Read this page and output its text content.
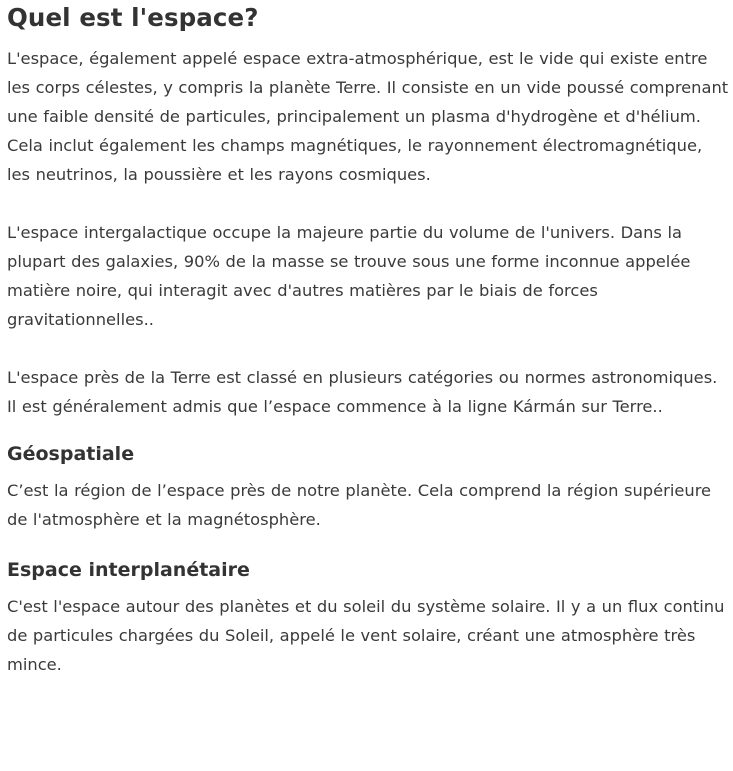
Quel est l'espace?

L'espace, également appelé espace extra-atmosphérique, est le vide qui existe entre les corps célestes, y compris la planète Terre. Il consiste en un vide poussé comprenant une faible densité de particules, principalement un plasma d'hydrogène et d'hélium. Cela inclut également les champs magnétiques, le rayonnement électromagnétique, les neutrinos, la poussière et les rayons cosmiques.

L'espace intergalactique occupe la majeure partie du volume de l'univers. Dans la plupart des galaxies, 90% de la masse se trouve sous une forme inconnue appelée matière noire, qui interagit avec d'autres matières par le biais de forces gravitationnelles..

L'espace près de la Terre est classé en plusieurs catégories ou normes astronomiques. Il est généralement admis que l’espace commence à la ligne Kármán sur Terre..

Géospatiale

C’est la région de l’espace près de notre planète. Cela comprend la région supérieure de l'atmosphère et la magnétosphère.

Espace interplanétaire

C'est l'espace autour des planètes et du soleil du système solaire. Il y a un flux continu de particules chargées du Soleil, appelé le vent solaire, créant une atmosphère très mince.
